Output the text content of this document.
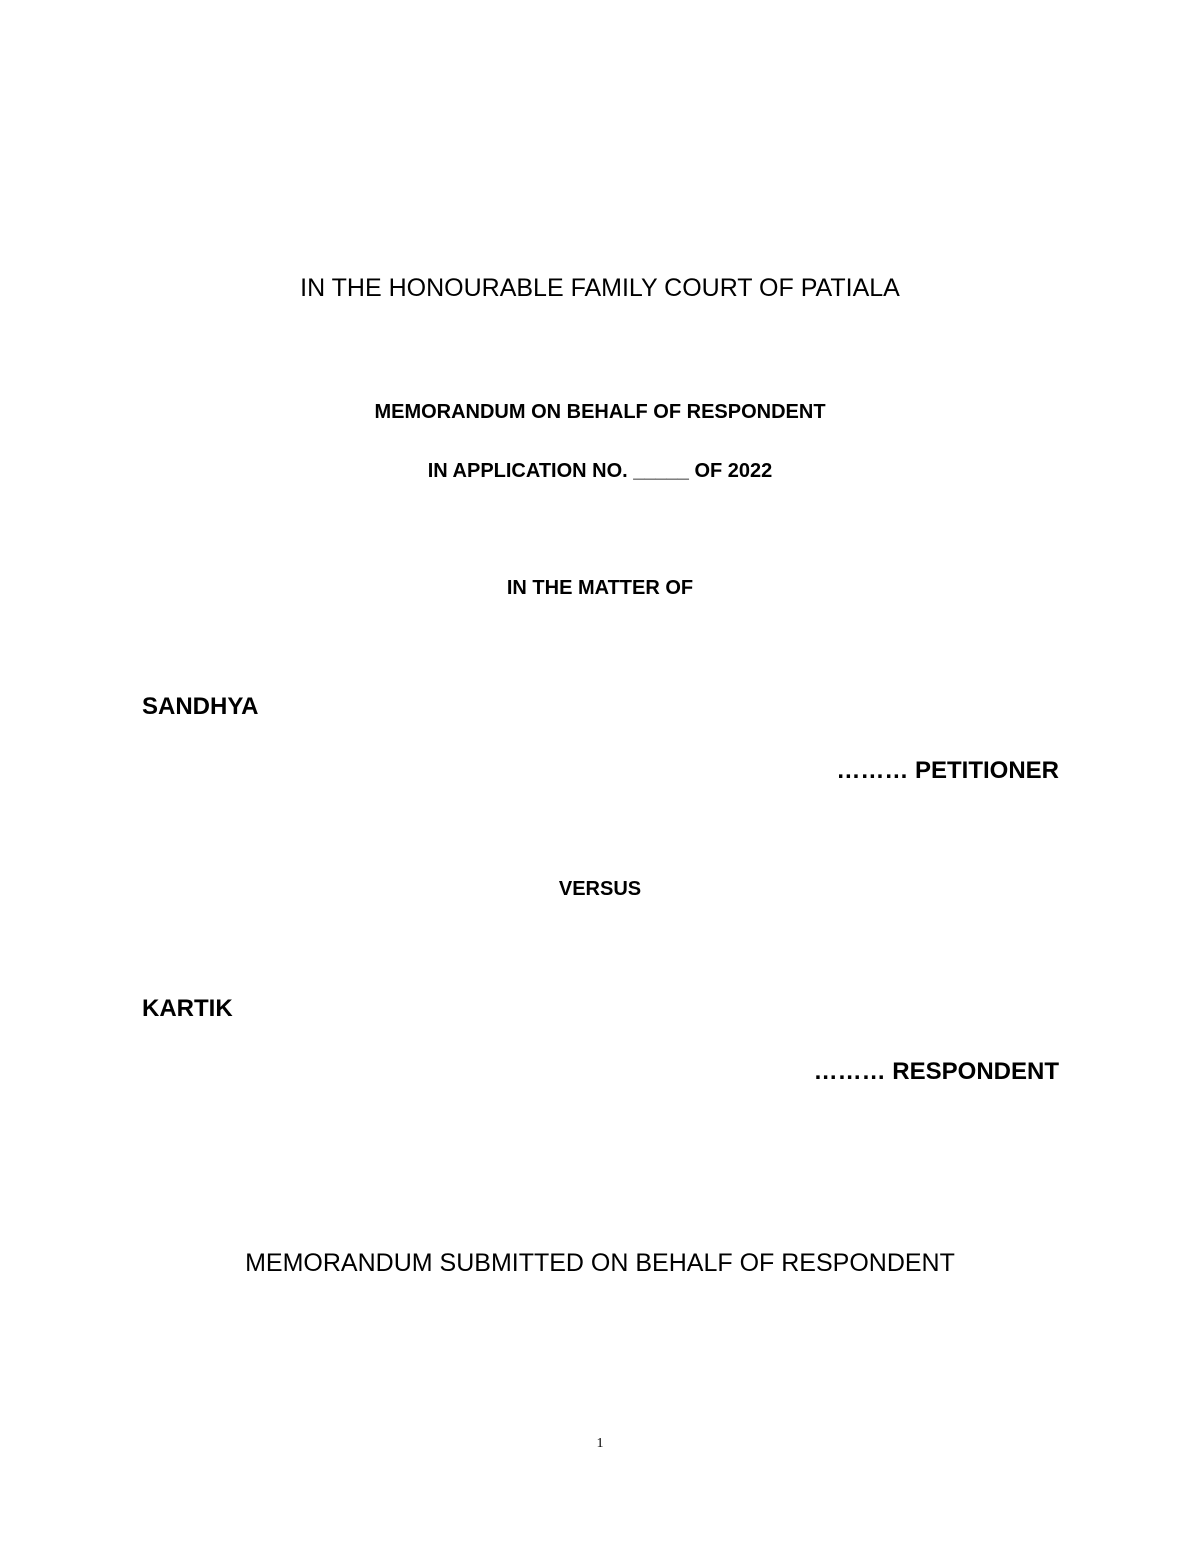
IN THE HONOURABLE FAMILY COURT OF PATIALA
MEMORANDUM ON BEHALF OF RESPONDENT
IN APPLICATION NO. _____ OF 2022
IN THE MATTER OF
SANDHYA
……… PETITIONER
VERSUS
KARTIK
……… RESPONDENT
MEMORANDUM SUBMITTED ON BEHALF OF RESPONDENT
1
